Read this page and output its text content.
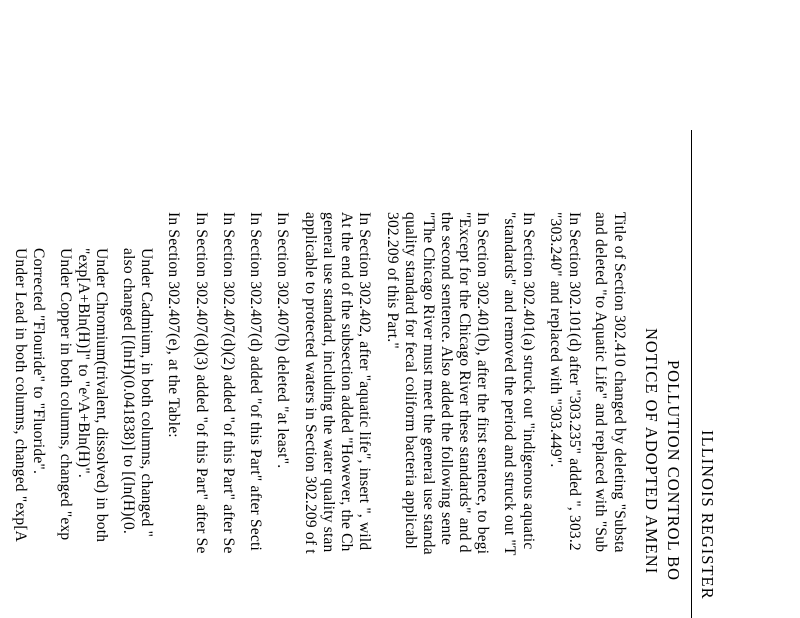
ILLINOIS REGISTER
POLLUTION CONTROL BO
NOTICE OF ADOPTED AMENI
Title of Section 302.410 changed by deleting "Substa
and deleted "to Aquatic Life" and replaced with "Sub
In Section 302.101(d) after "303.235" added ", 303.2
"303.240" and replaced with "303.449".
In Section 302.401(a) struck out "indigenous aquatic
"standards" and removed the period and struck out "T
In Section 302.401(b), after the first sentence, to begi
"Except for the Chicago River these standards" and d
the second sentence. Also added the following sente
"The Chicago River must meet the general use standa
quality standard for fecal coliform bacteria applicabl
302.209 of this Part."
In Section 302.402, after "aquatic life", insert ", wild
At the end of the subsection added "However, the Ch
general use standard, including the water quality stan
applicable to protected waters in Section 302.209 of t
In Section 302.407(b) deleted "at least".
In Section 302.407(d) added "of this Part" after Secti
In Section 302.407(d)(2) added "of this Part" after Se
In Section 302.407(d)(3) added "of this Part" after Se
In Section 302.407(e), at the Table:
Under Cadmium, in both columns, changed "
also changed [(lnH)(0.041838)] to [(ln(H)(0.
Under Chromium(trivalent, dissolved) in both
"exp[A+Bln(H)]" to "e^A+Bln(H)".
Under Copper in both columns, changed "exp
Corrected "Flouride" to "Fluoride".
Under Lead in both columns, changed "exp[A
